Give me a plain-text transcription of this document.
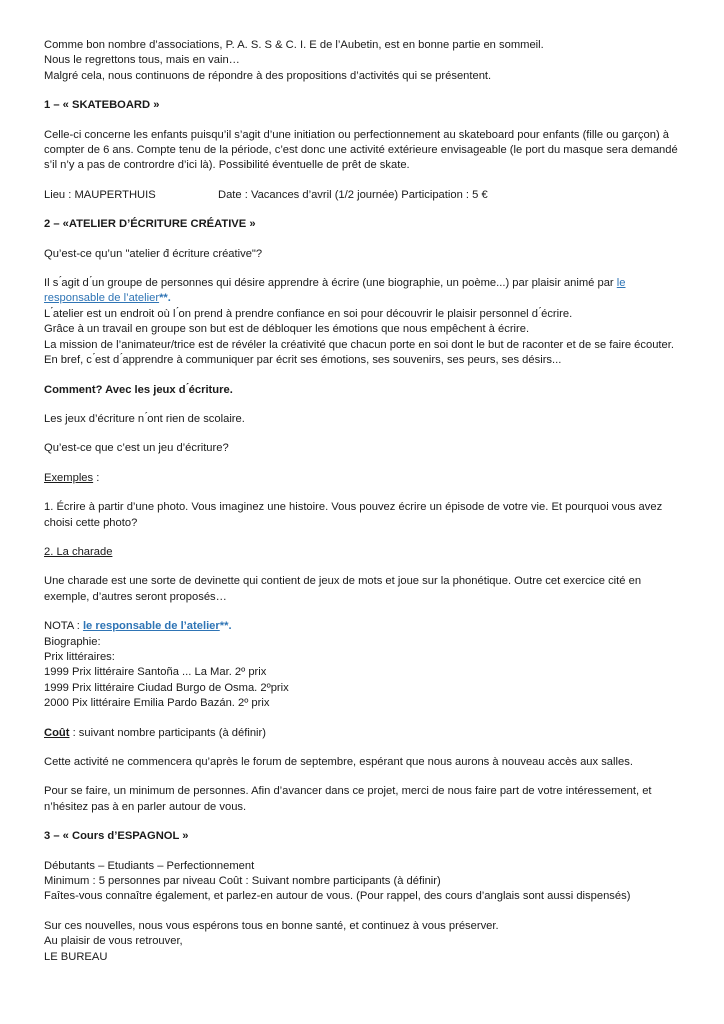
Comme bon nombre d’associations, P. A. S. S & C. I. E de l’Aubetin, est en bonne partie en sommeil.
Nous le regrettons tous, mais en vain…

Malgré cela, nous continuons de répondre à des propositions d’activités qui se présentent.

1 – « SKATEBOARD »

Celle-ci concerne les enfants puisqu’il s’agit d’une initiation ou perfectionnement au skateboard pour enfants (fille ou garçon) à compter de 6 ans. Compte tenu de la période, c’est donc une activité extérieure envisageable (le port du masque sera demandé s’il n’y a pas de contrordre d’ici là). Possibilité éventuelle de prêt de skate.

Lieu : MAUPERTHUIS	Date : Vacances d’avril (1/2 journée) Participation : 5 €

2 – «ATELIER D’ÉCRITURE CRÉATIVE »

Qu’est-ce qu’un "atelier d́ écriture créative"?

Il s ́agit d ́un groupe de personnes qui désire apprendre à écrire (une biographie, un poème...) par plaisir animé par le responsable de l’atelier**.
L ́atelier est un endroit où l ́on prend à prendre confiance en soi pour découvrir le plaisir personnel d ́écrire.
Grâce à un travail en groupe son but est de débloquer les émotions que nous empêchent à écrire.
La mission de l’animateur/trice est de révéler la créativité que chacun porte en soi dont le but de raconter et de se faire écouter.

En bref, c ́est d ́apprendre à communiquer par écrit ses émotions, ses souvenirs, ses peurs, ses désirs...

Comment? Avec les jeux d ́écriture.

Les jeux d’écriture n ́ont rien de scolaire.

Qu’est-ce que c’est un jeu d’écriture?

Exemples :

1. Écrire à partir d’une photo. Vous imaginez une histoire. Vous pouvez écrire un épisode de votre vie. Et pourquoi vous avez choisi cette photo?

2. La charade

Une charade est une sorte de devinette qui contient de jeux de mots et joue sur la phonétique. Outre cet exercice cité en exemple, d’autres seront proposés…

NOTA : le responsable de l’atelier**.
Biographie:
Prix littéraires:
1999 Prix littéraire Santoña ... La Mar. 2º prix
1999 Prix littéraire Ciudad Burgo de Osma. 2ºprix

2000 Pix littéraire Emilia Pardo Bazán. 2º prix

Coût : suivant nombre participants (à définir)

Cette activité ne commencera qu’après le forum de septembre, espérant que nous aurons à nouveau accès aux salles.

Pour se faire, un minimum de personnes. Afin d’avancer dans ce projet, merci de nous faire part de votre intéressement, et n’hésitez pas à en parler autour de vous.

3 – « Cours d’ESPAGNOL »

Débutants – Etudiants – Perfectionnement
Minimum : 5 personnes par niveau Coût : Suivant nombre participants (à définir)

Faîtes-vous connaître également, et parlez-en autour de vous. (Pour rappel, des cours d’anglais sont aussi dispensés)

Sur ces nouvelles, nous vous espérons tous en bonne santé, et continuez à vous préserver.
Au plaisir de vous retrouver,
LE BUREAU
